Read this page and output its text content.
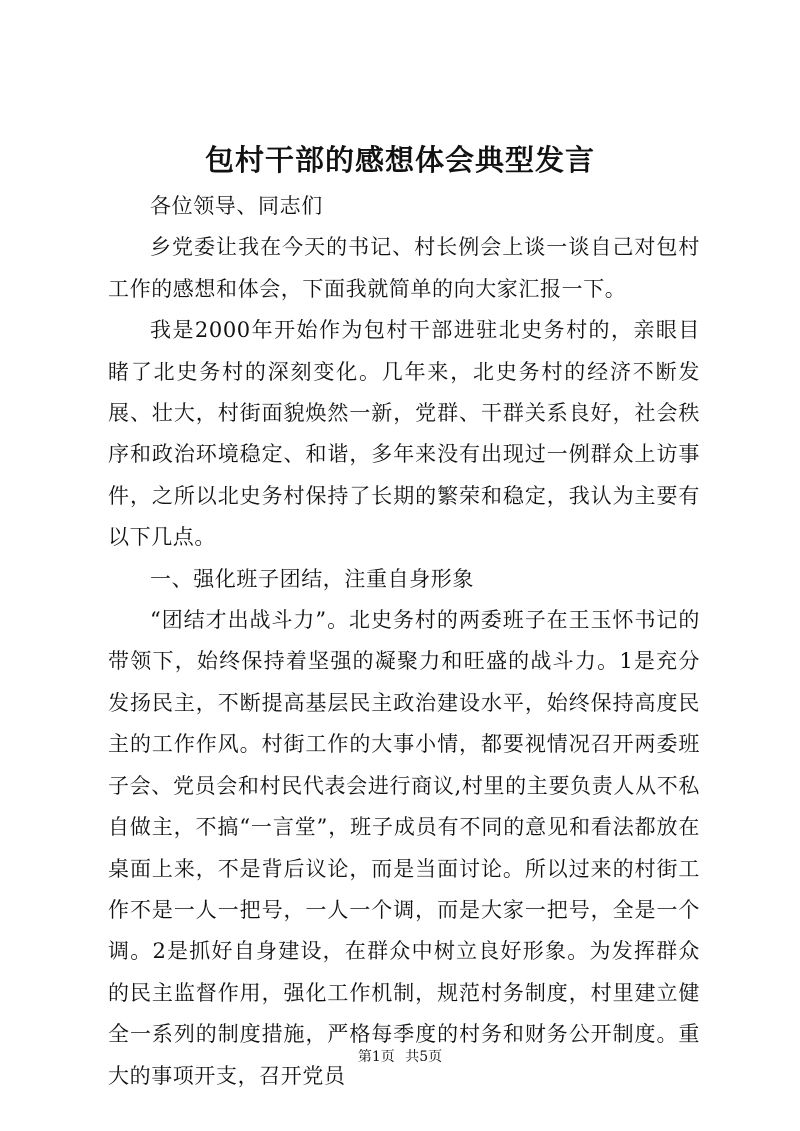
包村干部的感想体会典型发言

各位领导、同志们

乡党委让我在今天的书记、村长例会上谈一谈自己对包村工作的感想和体会，下面我就简单的向大家汇报一下。

我是2000年开始作为包村干部进驻北史务村的，亲眼目睹了北史务村的深刻变化。几年来，北史务村的经济不断发展、壮大，村街面貌焕然一新，党群、干群关系良好，社会秩序和政治环境稳定、和谐，多年来没有出现过一例群众上访事件，之所以北史务村保持了长期的繁荣和稳定，我认为主要有以下几点。

一、强化班子团结，注重自身形象

“团结才出战斗力”。北史务村的两委班子在王玉怀书记的带领下，始终保持着坚强的凝聚力和旺盛的战斗力。1是充分发扬民主，不断提高基层民主政治建设水平，始终保持高度民主的工作作风。村街工作的大事小情，都要视情况召开两委班子会、党员会和村民代表会进行商议,村里的主要负责人从不私自做主，不搞“一言堂”，班子成员有不同的意见和看法都放在桌面上来，不是背后议论，而是当面讨论。所以过来的村街工作不是一人一把号，一人一个调，而是大家一把号，全是一个调。2是抓好自身建设，在群众中树立良好形象。为发挥群众的民主监督作用，强化工作机制，规范村务制度，村里建立健全一系列的制度措施，严格每季度的村务和财务公开制度。重大的事项开支，召开党员

第1页 共5页
